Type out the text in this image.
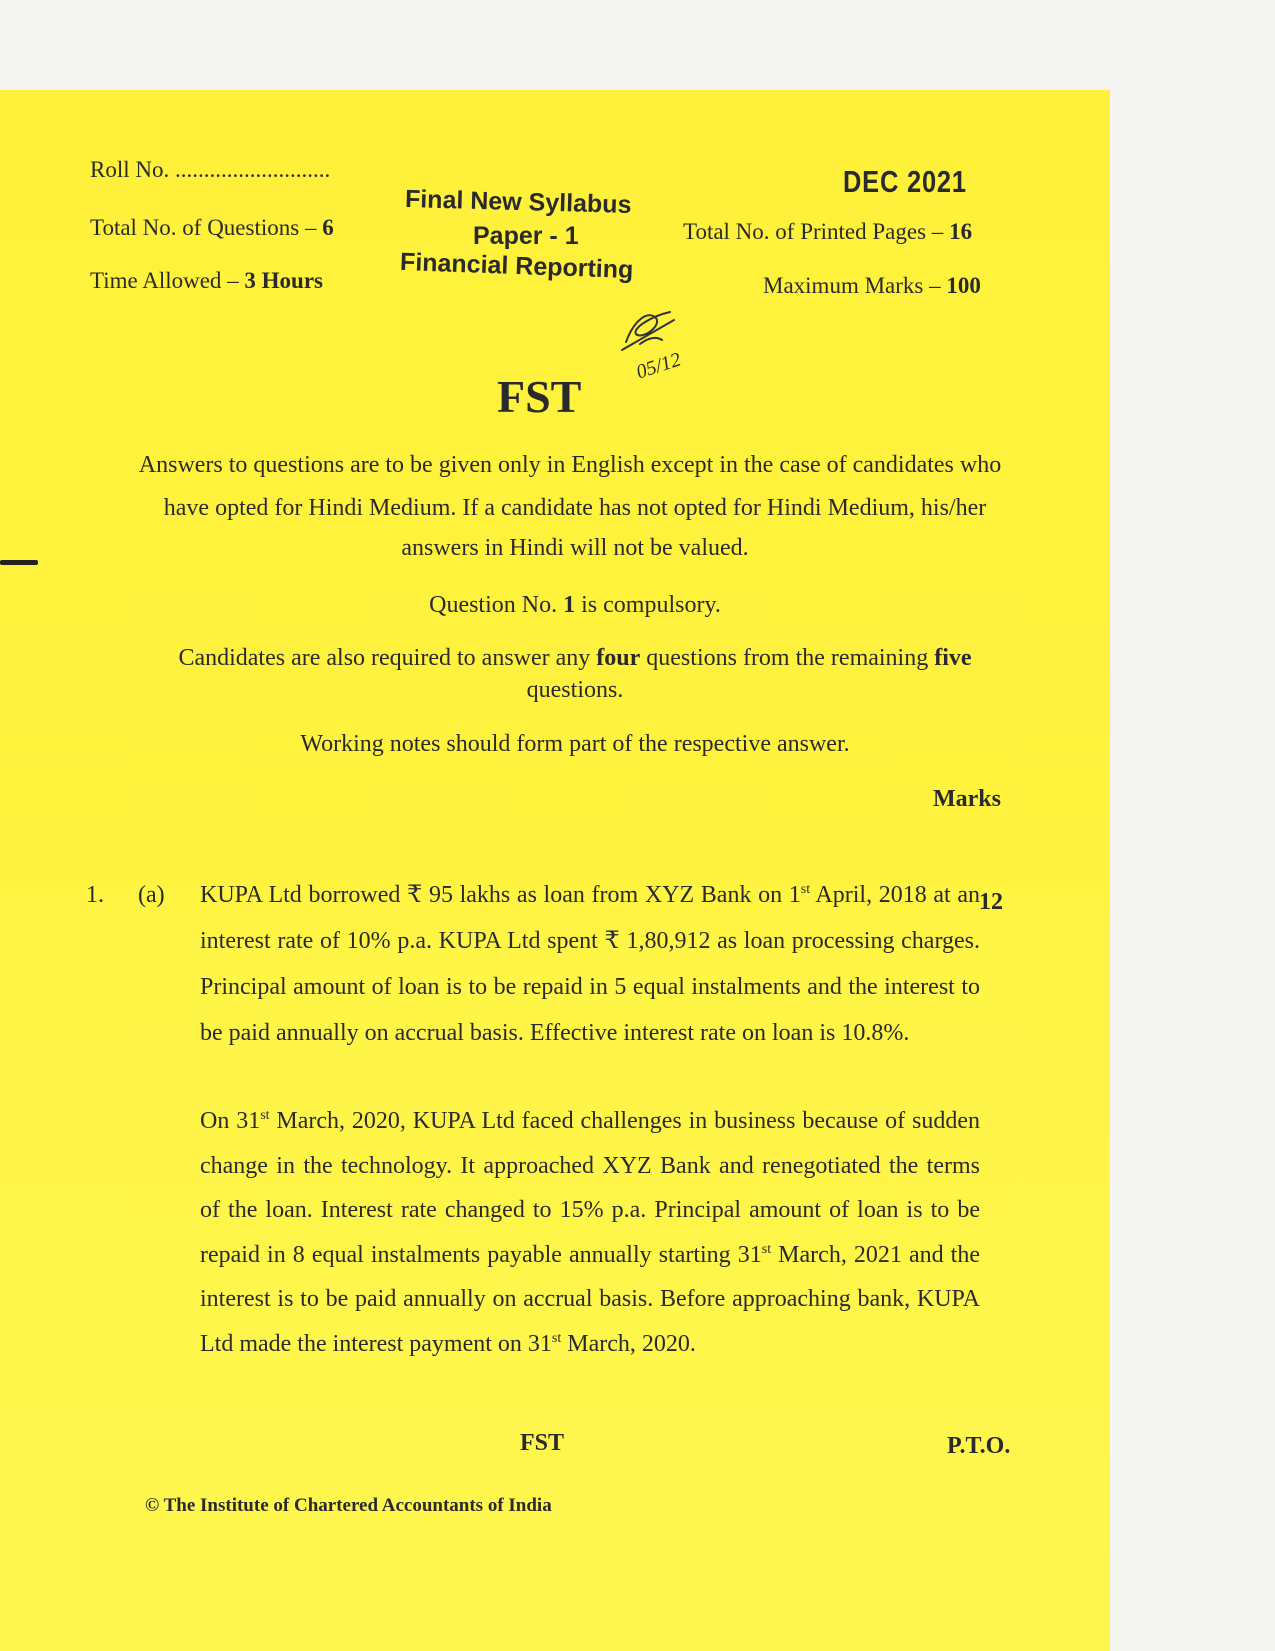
Roll No. ...........................
Total No. of Questions – 6
Time Allowed – 3 Hours
Final New Syllabus
Paper - 1
Financial Reporting
05/12
DEC 2021
Total No. of Printed Pages – 16
Maximum Marks – 100
FST
Answers to questions are to be given only in English except in the case of candidates who
have opted for Hindi Medium. If a candidate has not opted for Hindi Medium, his/her
answers in Hindi will not be valued.
Question No. 1 is compulsory.
Candidates are also required to answer any four questions from the remaining five
questions.
Working notes should form part of the respective answer.
Marks
1. (a)	12
KUPA Ltd borrowed ₹ 95 lakhs as loan from XYZ Bank on 1st April, 2018 at an interest rate of 10% p.a. KUPA Ltd spent ₹ 1,80,912 as loan processing charges. Principal amount of loan is to be repaid in 5 equal instalments and the interest to be paid annually on accrual basis. Effective interest rate on loan is 10.8%.
On 31st March, 2020, KUPA Ltd faced challenges in business because of sudden change in the technology. It approached XYZ Bank and renegotiated the terms of the loan. Interest rate changed to 15% p.a. Principal amount of loan is to be repaid in 8 equal instalments payable annually starting 31st March, 2021 and the interest is to be paid annually on accrual basis. Before approaching bank, KUPA Ltd made the interest payment on 31st March, 2020.
FST	P.T.O.
© The Institute of Chartered Accountants of India
